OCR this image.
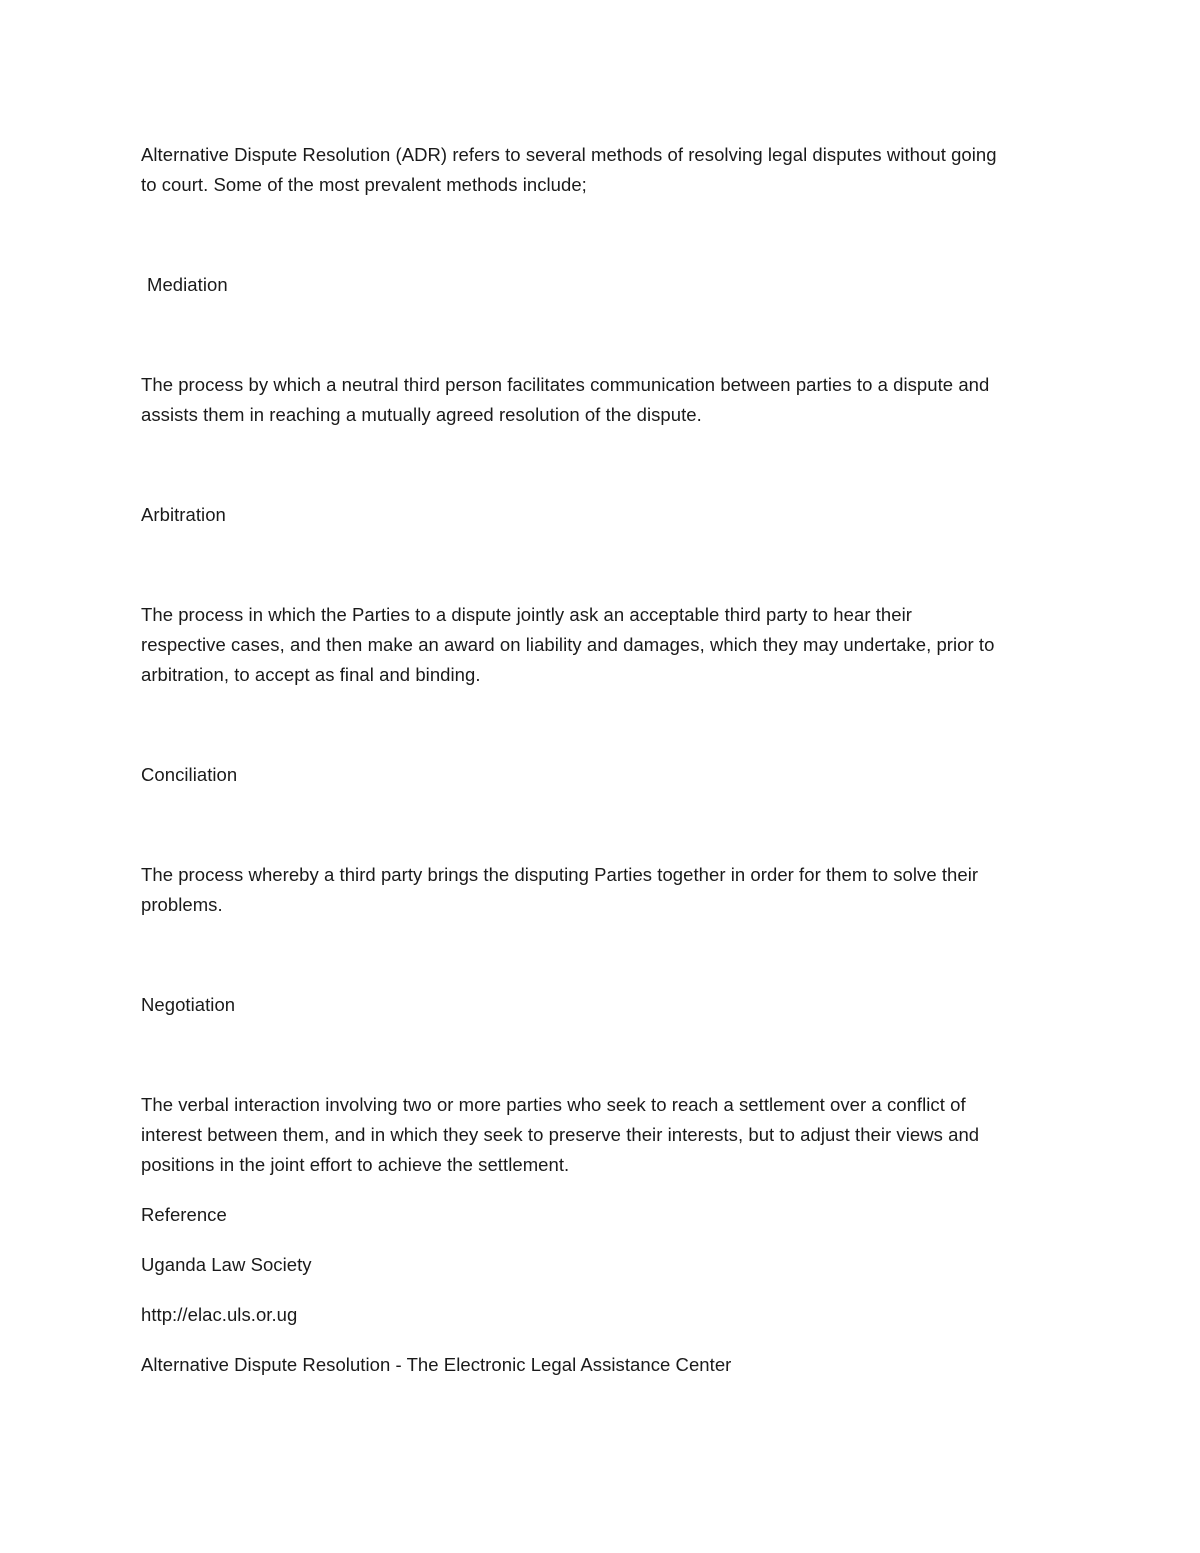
Alternative Dispute Resolution (ADR) refers to several methods of resolving legal disputes without going
to court. Some of the most prevalent methods include;
Mediation
The process by which a neutral third person facilitates communication between parties to a dispute and
assists them in reaching a mutually agreed resolution of the dispute.
Arbitration
The process in which the Parties to a dispute jointly ask an acceptable third party to hear their
respective cases, and then make an award on liability and damages, which they may undertake, prior to
arbitration, to accept as final and binding.
Conciliation
The process whereby a third party brings the disputing Parties together in order for them to solve their
problems.
Negotiation
The verbal interaction involving two or more parties who seek to reach a settlement over a conflict of
interest between them, and in which they seek to preserve their interests, but to adjust their views and
positions in the joint effort to achieve the settlement.
Reference
Uganda Law Society
http://elac.uls.or.ug
Alternative Dispute Resolution - The Electronic Legal Assistance Center
